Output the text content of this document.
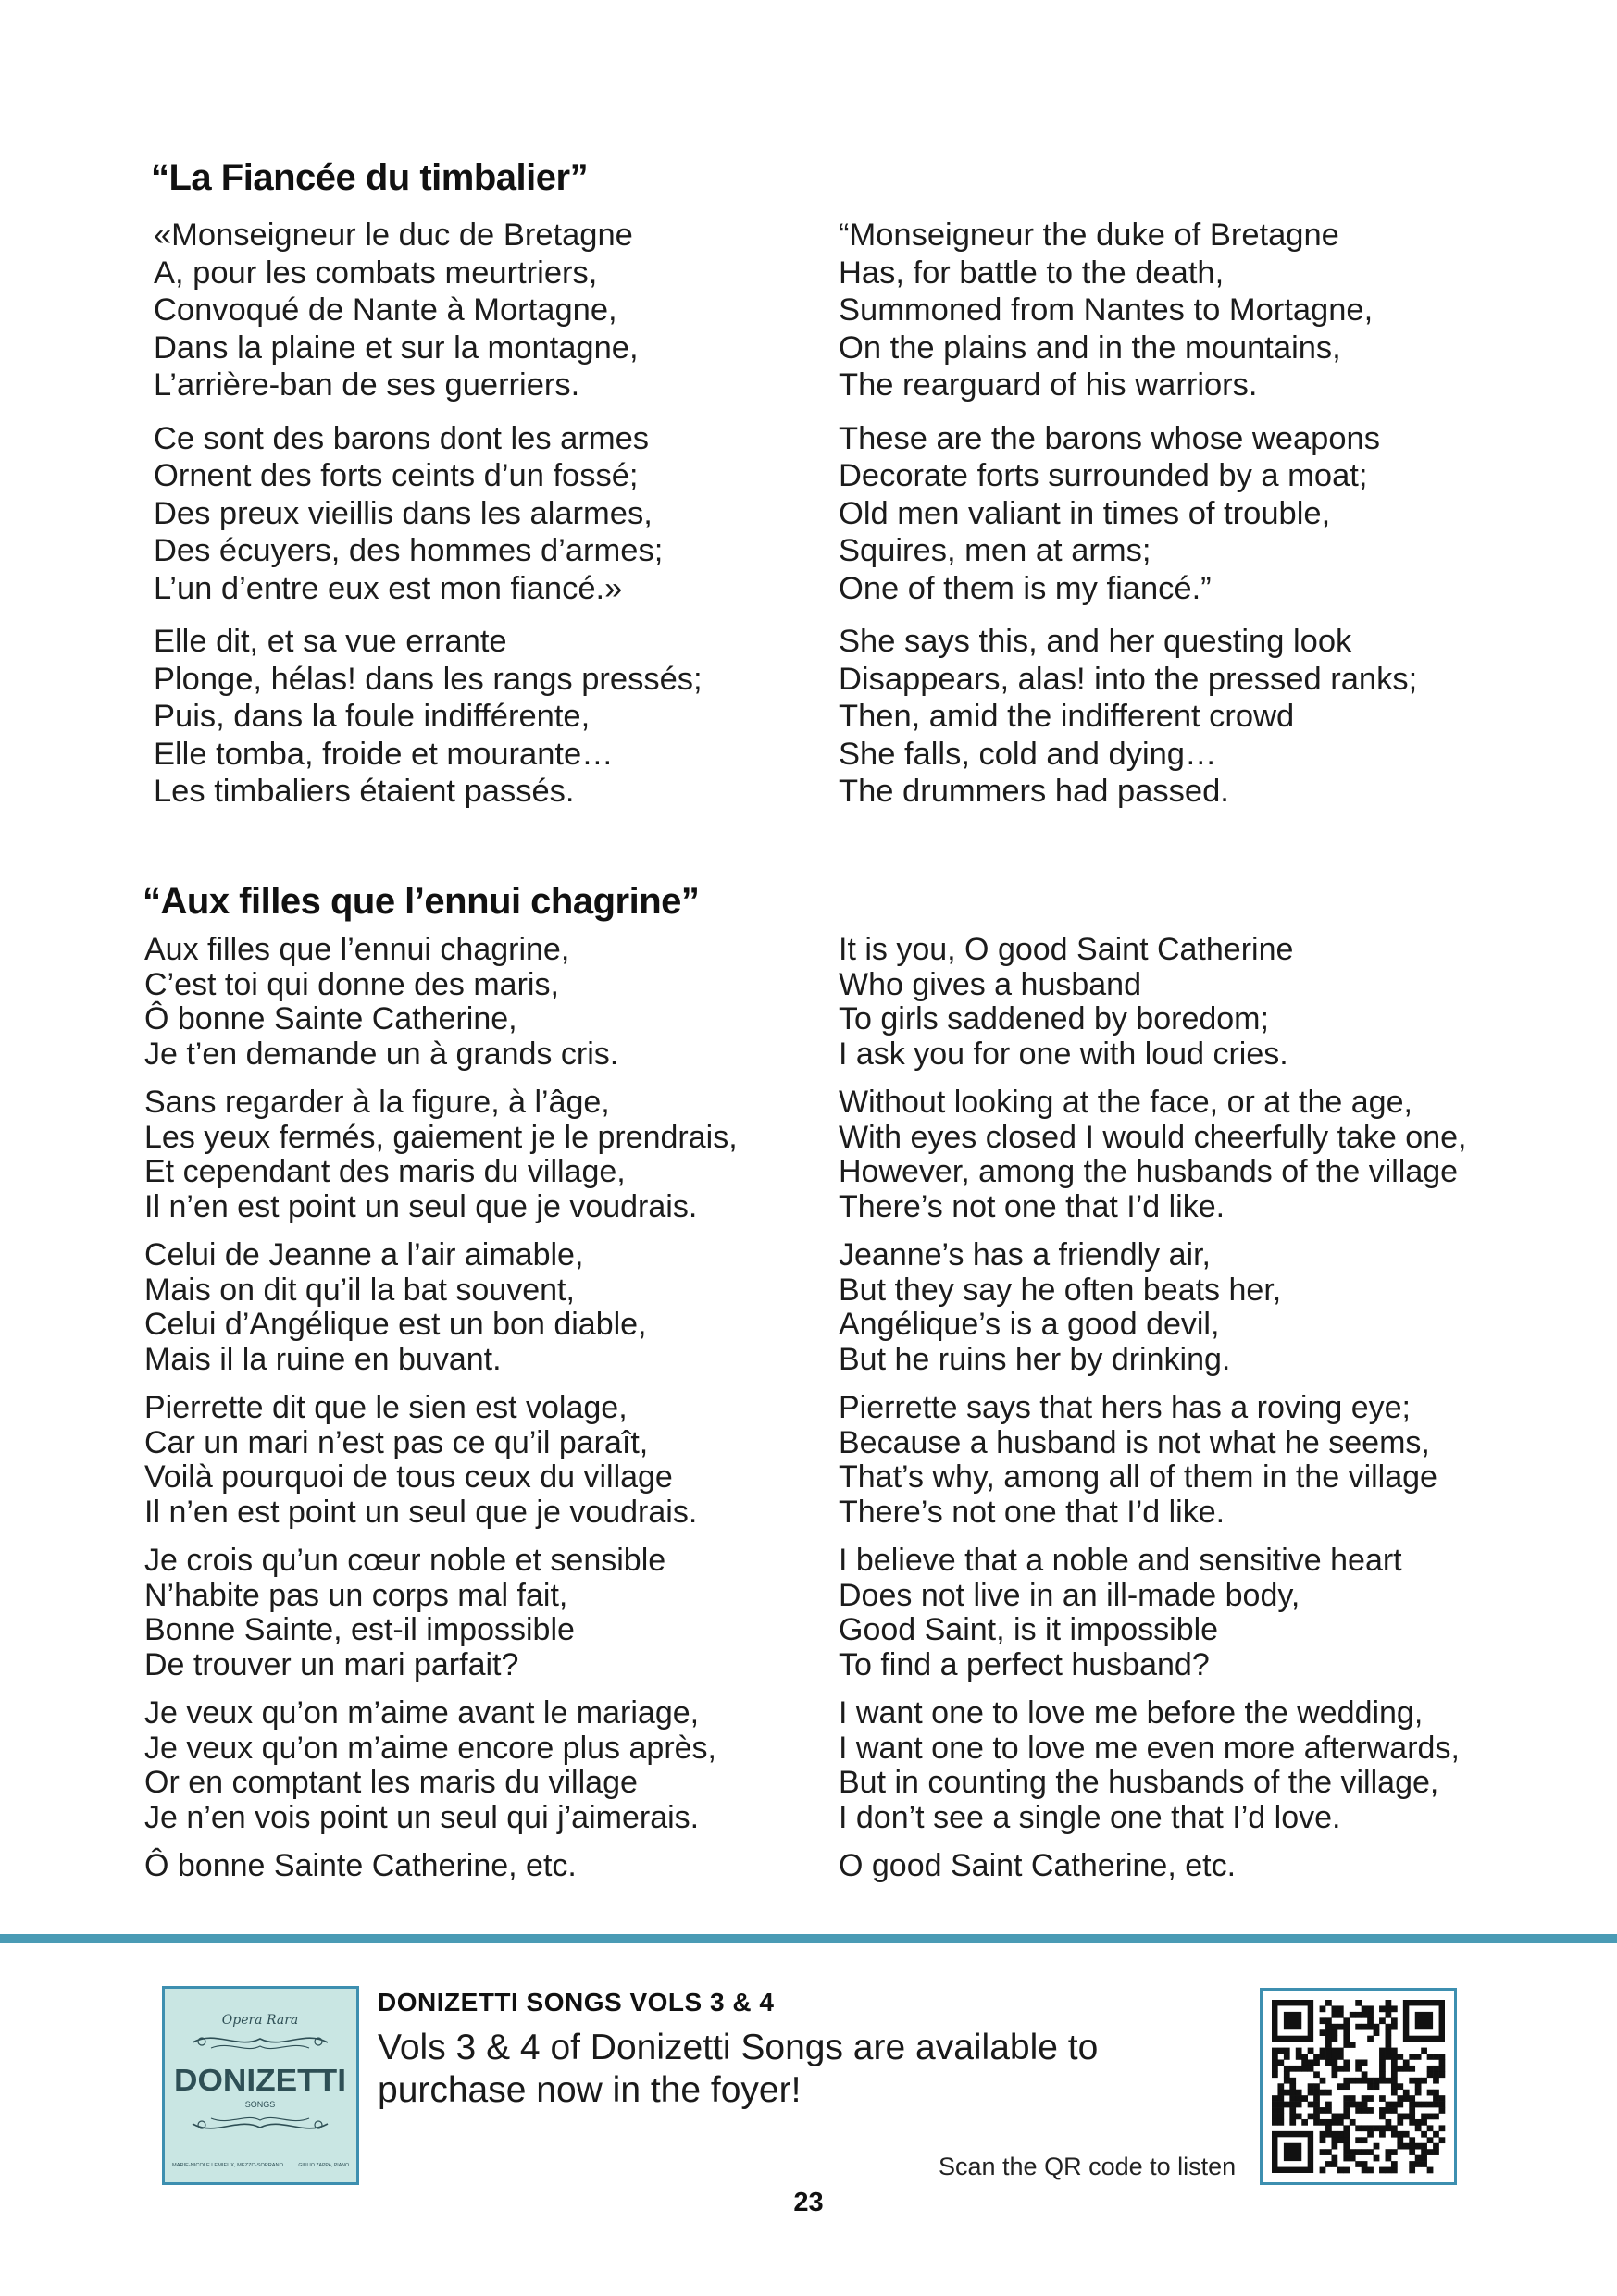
“La Fiancée du timbalier”

«Monseigneur le duc de Bretagne
A, pour les combats meurtriers,
Convoqué de Nante à Mortagne,
Dans la plaine et sur la montagne,
L’arrière-ban de ses guerriers.

Ce sont des barons dont les armes
Ornent des forts ceints d’un fossé;
Des preux vieillis dans les alarmes,
Des écuyers, des hommes d’armes;
L’un d’entre eux est mon fiancé.»

Elle dit, et sa vue errante
Plonge, hélas! dans les rangs pressés;
Puis, dans la foule indifférente,
Elle tomba, froide et mourante…
Les timbaliers étaient passés.

“Monseigneur the duke of Bretagne
Has, for battle to the death,
Summoned from Nantes to Mortagne,
On the plains and in the mountains,
The rearguard of his warriors.

These are the barons whose weapons
Decorate forts surrounded by a moat;
Old men valiant in times of trouble,
Squires, men at arms;
One of them is my fiancé.”

She says this, and her questing look
Disappears, alas! into the pressed ranks;
Then, amid the indifferent crowd
She falls, cold and dying…
The drummers had passed.

“Aux filles que l’ennui chagrine”

Aux filles que l’ennui chagrine,
C’est toi qui donne des maris,
Ô bonne Sainte Catherine,
Je t’en demande un à grands cris.

Sans regarder à la figure, à l’âge,
Les yeux fermés, gaiement je le prendrais,
Et cependant des maris du village,
Il n’en est point un seul que je voudrais.

Celui de Jeanne a l’air aimable,
Mais on dit qu’il la bat souvent,
Celui d’Angélique est un bon diable,
Mais il la ruine en buvant.

Pierrette dit que le sien est volage,
Car un mari n’est pas ce qu’il paraît,
Voilà pourquoi de tous ceux du village
Il n’en est point un seul que je voudrais.

Je crois qu’un cœur noble et sensible
N’habite pas un corps mal fait,
Bonne Sainte, est-il impossible
De trouver un mari parfait?

Je veux qu’on m’aime avant le mariage,
Je veux qu’on m’aime encore plus après,
Or en comptant les maris du village
Je n’en vois point un seul qui j’aimerais.

Ô bonne Sainte Catherine, etc.

It is you, O good Saint Catherine
Who gives a husband
To girls saddened by boredom;
I ask you for one with loud cries.

Without looking at the face, or at the age,
With eyes closed I would cheerfully take one,
However, among the husbands of the village
There’s not one that I’d like.

Jeanne’s has a friendly air,
But they say he often beats her,
Angélique’s is a good devil,
But he ruins her by drinking.

Pierrette says that hers has a roving eye;
Because a husband is not what he seems,
That’s why, among all of them in the village
There’s not one that I’d like.

I believe that a noble and sensitive heart
Does not live in an ill-made body,
Good Saint, is it impossible
To find a perfect husband?

I want one to love me before the wedding,
I want one to love me even more afterwards,
But in counting the husbands of the village,
I don’t see a single one that I’d love.

O good Saint Catherine, etc.

Opera Rara
DONIZETTI
SONGS
MARIE-NICOLE LEMIEUX, MEZZO-SOPRANO	GIULIO ZAPPA, PIANO
DONIZETTI SONGS VOLS 3 & 4

Vols 3 & 4 of Donizetti Songs are available to purchase now in the foyer!

Scan the QR code to listen

23
